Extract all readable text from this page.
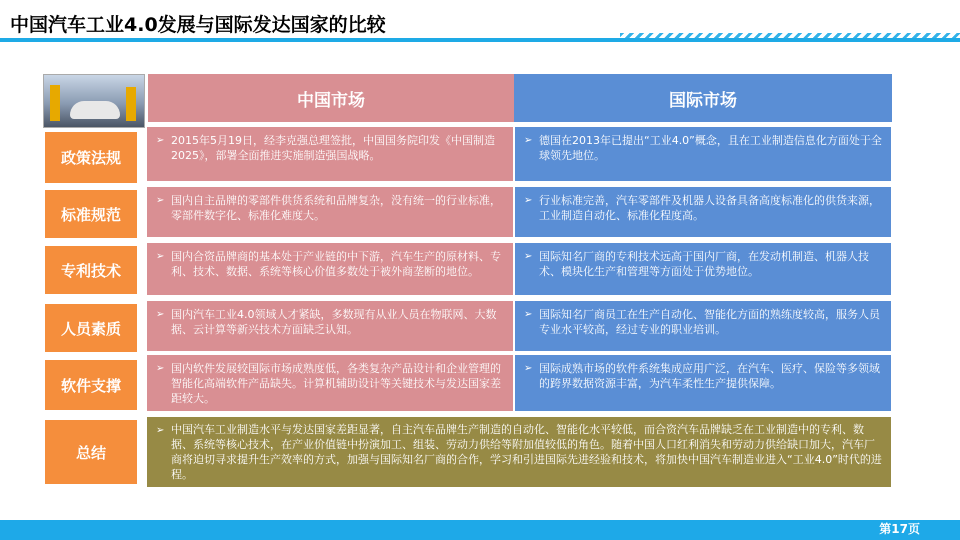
中国汽车工业4.0发展与国际发达国家的比较
中国市场	国际市场
政策法规
➢ 2015年5月19日，经李克强总理签批，中国国务院印发《中国制造2025》，部署全面推进实施制造强国战略。
➢ 德国在2013年已提出“工业4.0”概念，且在工业制造信息化方面处于全球领先地位。
标准规范
➢ 国内自主品牌的零部件供货系统和品牌复杂，没有统一的行业标准，零部件数字化、标准化难度大。
➢ 行业标准完善，汽车零部件及机器人设备具备高度标准化的供货来源，工业制造自动化、标准化程度高。
专利技术
➢ 国内合资品牌商的基本处于产业链的中下游，汽车生产的原材料、专利、技术、数据、系统等核心价值多数处于被外商垄断的地位。
➢ 国际知名厂商的专利技术远高于国内厂商，在发动机制造、机器人技术、模块化生产和管理等方面处于优势地位。
人员素质
➢ 国内汽车工业4.0领域人才紧缺，多数现有从业人员在物联网、大数据、云计算等新兴技术方面缺乏认知。
➢ 国际知名厂商员工在生产自动化、智能化方面的熟练度较高，服务人员专业水平较高，经过专业的职业培训。
软件支撑
➢ 国内软件发展较国际市场成熟度低，各类复杂产品设计和企业管理的智能化高端软件产品缺失。计算机辅助设计等关键技术与发达国家差距较大。
➢ 国际成熟市场的软件系统集成应用广泛，在汽车、医疗、保险等多领域的跨界数据资源丰富，为汽车柔性生产提供保障。
总结
➢ 中国汽车工业制造水平与发达国家差距显著，自主汽车品牌生产制造的自动化、智能化水平较低，而合资汽车品牌缺乏在工业制造中的专利、数据、系统等核心技术，在产业价值链中扮演加工、组装、劳动力供给等附加值较低的角色。随着中国人口红利消失和劳动力供给缺口加大，汽车厂商将迫切寻求提升生产效率的方式，加强与国际知名厂商的合作，学习和引进国际先进经验和技术，将加快中国汽车制造业进入“工业4.0”时代的进程。
第17页
